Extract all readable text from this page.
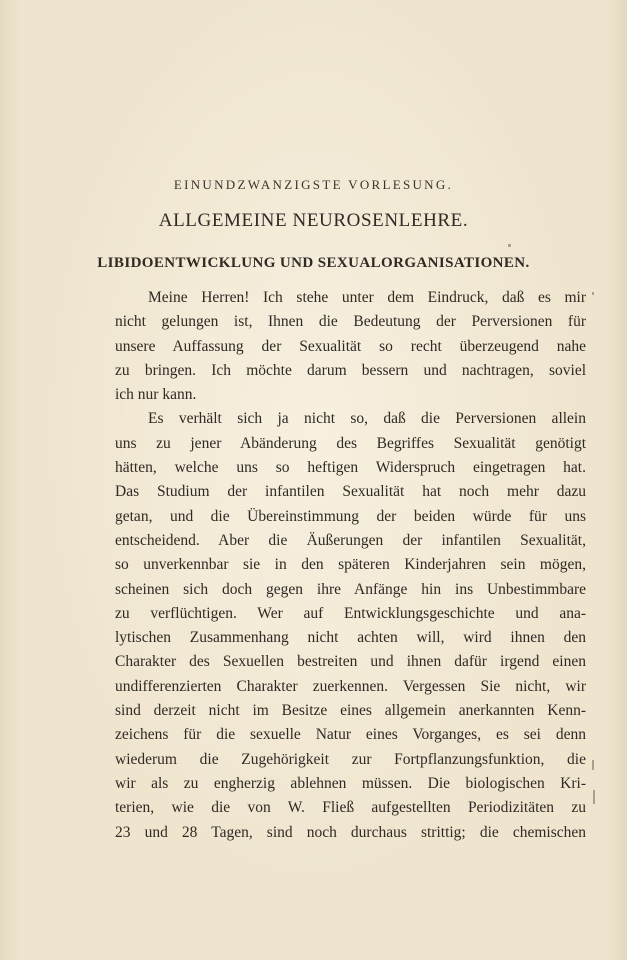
EINUNDZWANZIGSTE VORLESUNG.
ALLGEMEINE NEUROSENLEHRE.
LIBIDOENTWICKLUNG UND SEXUALORGANISATIONEN.
Meine Herren! Ich stehe unter dem Eindruck, daß es mir
nicht gelungen ist, Ihnen die Bedeutung der Perversionen für
unsere Auffassung der Sexualität so recht überzeugend nahe
zu bringen. Ich möchte darum bessern und nachtragen, soviel
ich nur kann.
Es verhält sich ja nicht so, daß die Perversionen allein
uns zu jener Abänderung des Begriffes Sexualität genötigt
hätten, welche uns so heftigen Widerspruch eingetragen hat.
Das Studium der infantilen Sexualität hat noch mehr dazu
getan, und die Übereinstimmung der beiden würde für uns
entscheidend. Aber die Äußerungen der infantilen Sexualität,
so unverkennbar sie in den späteren Kinderjahren sein mögen,
scheinen sich doch gegen ihre Anfänge hin ins Unbestimmbare
zu verflüchtigen. Wer auf Entwicklungsgeschichte und ana-
lytischen Zusammenhang nicht achten will, wird ihnen den
Charakter des Sexuellen bestreiten und ihnen dafür irgend einen
undifferenzierten Charakter zuerkennen. Vergessen Sie nicht, wir
sind derzeit nicht im Besitze eines allgemein anerkannten Kenn-
zeichens für die sexuelle Natur eines Vorganges, es sei denn
wiederum die Zugehörigkeit zur Fortpflanzungsfunktion, die
wir als zu engherzig ablehnen müssen. Die biologischen Kri-
terien, wie die von W. Fließ aufgestellten Periodizitäten zu
23 und 28 Tagen, sind noch durchaus strittig; die chemischen
